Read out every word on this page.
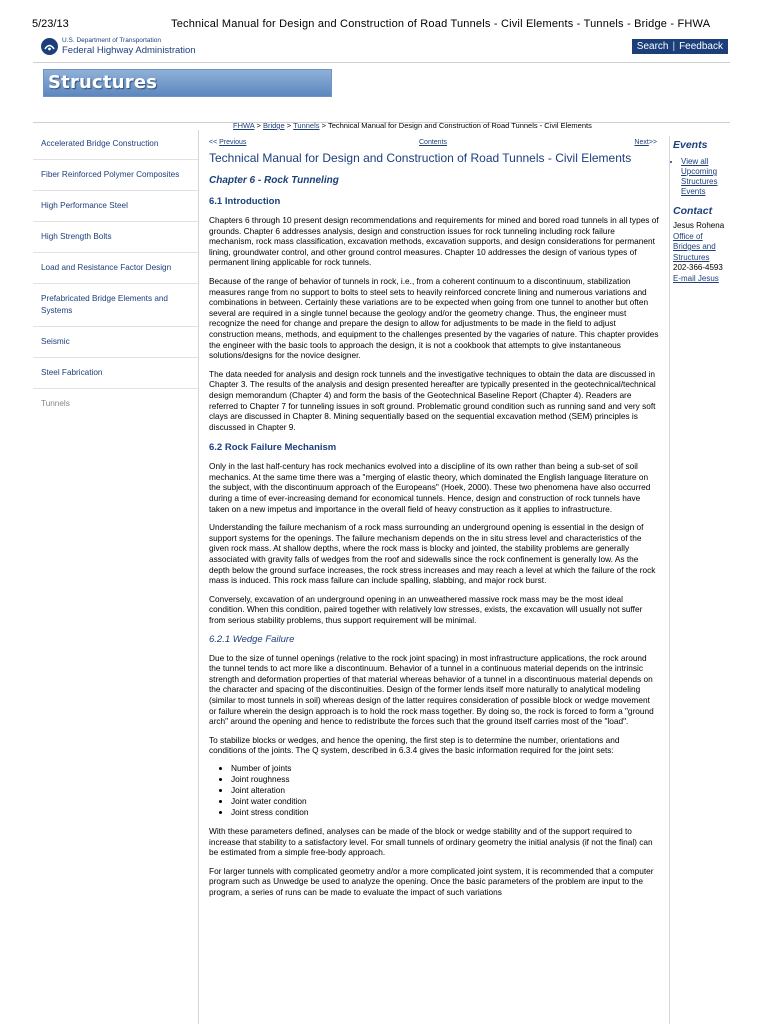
5/23/13	Technical Manual for Design and Construction of Road Tunnels - Civil Elements - Tunnels - Bridge - FHWA
U.S. Department of Transportation
Federal Highway Administration	Search | Feedback
Structures
FHWA > Bridge > Tunnels > Technical Manual for Design and Construction of Road Tunnels - Civil Elements
Accelerated Bridge Construction
Fiber Reinforced Polymer Composites
High Performance Steel
High Strength Bolts
Load and Resistance Factor Design
Prefabricated Bridge Elements and Systems
Seismic
Steel Fabrication
Tunnels
<< Previous	Contents	Next>>
Technical Manual for Design and Construction of Road Tunnels - Civil Elements
Chapter 6 - Rock Tunneling
6.1 Introduction

Chapters 6 through 10 present design recommendations and requirements for mined and bored road tunnels in all types of grounds. Chapter 6 addresses analysis, design and construction issues for rock tunneling including rock failure mechanism, rock mass classification, excavation methods, excavation supports, and design considerations for permanent lining, groundwater control, and other ground control measures. Chapter 10 addresses the design of various types of permanent lining applicable for rock tunnels.

Because of the range of behavior of tunnels in rock, i.e., from a coherent continuum to a discontinuum, stabilization measures range from no support to bolts to steel sets to heavily reinforced concrete lining and numerous variations and combinations in between. Certainly these variations are to be expected when going from one tunnel to another but often several are required in a single tunnel because the geology and/or the geometry change. Thus, the engineer must recognize the need for change and prepare the design to allow for adjustments to be made in the field to adjust construction means, methods, and equipment to the challenges presented by the vagaries of nature. This chapter provides the engineer with the basic tools to approach the design, it is not a cookbook that attempts to give instantaneous solutions/designs for the novice designer.

The data needed for analysis and design rock tunnels and the investigative techniques to obtain the data are discussed in Chapter 3. The results of the analysis and design presented hereafter are typically presented in the geotechnical/technical design memorandum (Chapter 4) and form the basis of the Geotechnical Baseline Report (Chapter 4). Readers are referred to Chapter 7 for tunneling issues in soft ground. Problematic ground condition such as running sand and very soft clays are discussed in Chapter 8. Mining sequentially based on the sequential excavation method (SEM) principles is discussed in Chapter 9.

6.2 Rock Failure Mechanism

Only in the last half-century has rock mechanics evolved into a discipline of its own rather than being a sub-set of soil mechanics. At the same time there was a "merging of elastic theory, which dominated the English language literature on the subject, with the discontinuum approach of the Europeans" (Hoek, 2000). These two phenomena have also occurred during a time of ever-increasing demand for economical tunnels. Hence, design and construction of rock tunnels have taken on a new impetus and importance in the overall field of heavy construction as it applies to infrastructure.

Understanding the failure mechanism of a rock mass surrounding an underground opening is essential in the design of support systems for the openings. The failure mechanism depends on the in situ stress level and characteristics of the given rock mass. At shallow depths, where the rock mass is blocky and jointed, the stability problems are generally associated with gravity falls of wedges from the roof and sidewalls since the rock confinement is generally low. As the depth below the ground surface increases, the rock stress increases and may reach a level at which the failure of the rock mass is induced. This rock mass failure can include spalling, slabbing, and major rock burst.

Conversely, excavation of an underground opening in an unweathered massive rock mass may be the most ideal condition. When this condition, paired together with relatively low stresses, exists, the excavation will usually not suffer from serious stability problems, thus support requirement will be minimal.

6.2.1 Wedge Failure

Due to the size of tunnel openings (relative to the rock joint spacing) in most infrastructure applications, the rock around the tunnel tends to act more like a discontinuum. Behavior of a tunnel in a continuous material depends on the intrinsic strength and deformation properties of that material whereas behavior of a tunnel in a discontinuous material depends on the character and spacing of the discontinuities. Design of the former lends itself more naturally to analytical modeling (similar to most tunnels in soil) whereas design of the latter requires consideration of possible block or wedge movement or failure wherein the design approach is to hold the rock mass together. By doing so, the rock is forced to form a "ground arch" around the opening and hence to redistribute the forces such that the ground itself carries most of the "load".

To stabilize blocks or wedges, and hence the opening, the first step is to determine the number, orientations and conditions of the joints. The Q system, described in 6.3.4 gives the basic information required for the joint sets:

• Number of joints
• Joint roughness
• Joint alteration
• Joint water condition
• Joint stress condition

With these parameters defined, analyses can be made of the block or wedge stability and of the support required to increase that stability to a satisfactory level. For small tunnels of ordinary geometry the initial analysis (if not the final) can be estimated from a simple free-body approach.

For larger tunnels with complicated geometry and/or a more complicated joint system, it is recommended that a computer program such as Unwedge be used to analyze the opening. Once the basic parameters of the problem are input to the program, a series of runs can be made to evaluate the impact of such variations

Events
• View all Upcoming Structures Events
Contact
Jesus Rohena
Office of Bridges and Structures
202-366-4593
E-mail Jesus
